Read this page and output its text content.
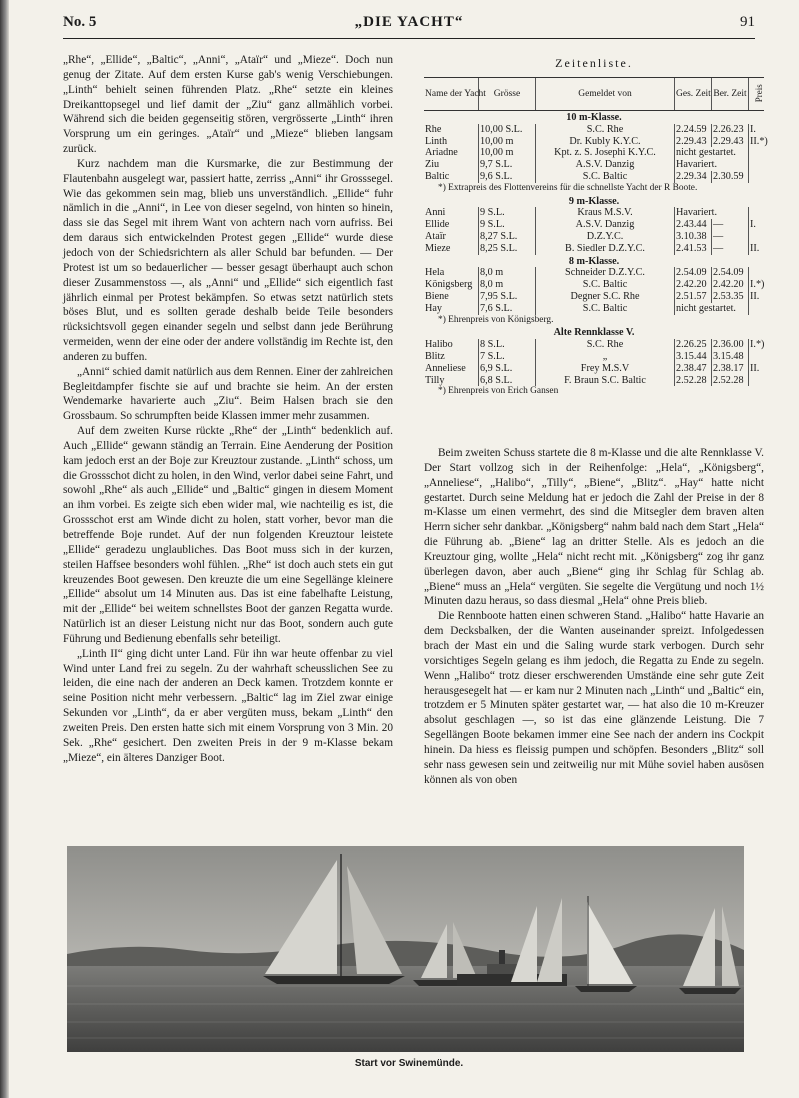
No. 5	„DIE YACHT“	91

„Rhe“, „Ellide“, „Baltic“, „Anni“, „Ataïr“ und „Mieze“. Doch nun genug der Zitate. Auf dem ersten Kurse gab's wenig Verschiebungen. „Linth“ behielt seinen führenden Platz. „Rhe“ setzte ein kleines Dreikanttopsegel und lief damit der „Ziu“ ganz allmählich vorbei. Während sich die beiden gegenseitig stören, vergrösserte „Linth“ ihren Vorsprung um ein geringes. „Ataïr“ und „Mieze“ blieben langsam zurück.

Kurz nachdem man die Kursmarke, die zur Bestimmung der Flautenbahn ausgelegt war, passiert hatte, zerriss „Anni“ ihr Grosssegel. Wie das gekommen sein mag, blieb uns unverständlich. „Ellide“ fuhr nämlich in die „Anni“, in Lee von dieser segelnd, von hinten so hinein, dass sie das Segel mit ihrem Want von achtern nach vorn aufriss. Bei dem daraus sich entwickelnden Protest gegen „Ellide“ wurde diese jedoch von der Schiedsrichtern als aller Schuld bar befunden. — Der Protest ist um so bedauerlicher — besser gesagt überhaupt auch schon dieser Zusammenstoss —, als „Anni“ und „Ellide“ sich eigentlich fast jährlich einmal per Protest bekämpfen. So etwas setzt natürlich stets böses Blut, und es sollten gerade deshalb beide Teile besonders rücksichtsvoll gegen einander segeln und selbst dann jede Berührung vermeiden, wenn der eine oder der andere vollständig im Rechte ist, den anderen zu buffen.

„Anni“ schied damit natürlich aus dem Rennen. Einer der zahlreichen Begleitdampfer fischte sie auf und brachte sie heim. An der ersten Wendemarke havarierte auch „Ziu“. Beim Halsen brach sie den Grossbaum. So schrumpften beide Klassen immer mehr zusammen.

Auf dem zweiten Kurse rückte „Rhe“ der „Linth“ bedenklich auf. Auch „Ellide“ gewann ständig an Terrain. Eine Aenderung der Position kam jedoch erst an der Boje zur Kreuztour zustande. „Linth“ schoss, um die Grossschot dicht zu holen, in den Wind, verlor dabei seine Fahrt, und sowohl „Rhe“ als auch „Ellide“ und „Baltic“ gingen in diesem Moment an ihm vorbei. Es zeigte sich eben wider mal, wie nachteilig es ist, die Grossschot erst am Winde dicht zu holen, statt vorher, bevor man die betreffende Boje rundet. Auf der nun folgenden Kreuztour leistete „Ellide“ geradezu unglaubliches. Das Boot muss sich in der kurzen, steilen Haffsee besonders wohl fühlen. „Rhe“ ist doch auch stets ein gut kreuzendes Boot gewesen. Den kreuzte die um eine Segellänge kleinere „Ellide“ absolut um 14 Minuten aus. Das ist eine fabelhafte Leistung, mit der „Ellide“ bei weitem schnellstes Boot der ganzen Regatta wurde. Natürlich ist an dieser Leistung nicht nur das Boot, sondern auch gute Führung und Bedienung ebenfalls sehr beteiligt.

„Linth II“ ging dicht unter Land. Für ihn war heute offenbar zu viel Wind unter Land frei zu segeln. Zu der wahrhaft scheusslichen See zu leiden, die eine nach der anderen an Deck kamen. Trotzdem konnte er seine Position nicht mehr verbessern. „Baltic“ lag im Ziel zwar einige Sekunden vor „Linth“, da er aber vergüten muss, bekam „Linth“ den zweiten Preis. Den ersten hatte sich mit einem Vorsprung von 3 Min. 20 Sek. „Rhe“ gesichert. Den zweiten Preis in der 9 m-Klasse bekam „Mieze“, ein älteres Danziger Boot.

Zeitenliste.
Name der Yacht	Grösse	Gemeldet von	Ges. Zeit	Ber. Zeit	Preis
10 m-Klasse.					
Rhe	10,00 S.L.	S.C. Rhe	2.24.59	2.26.23	I.
Linth	10,00 m	Dr. Kubly K.Y.C.	2.29.43	2.29.43	II.*)
Ariadne	10,00 m	Kpt. z. S. Josephi K.Y.C.	nicht gestartet.		
Ziu	9,7 S.L.	A.S.V. Danzig	Havariert.		
Baltic	9,6 S.L.	S.C. Baltic	2.29.34	2.30.59	
*) Extrapreis des Flottenvereins für die schnellste Yacht der R Boote.					
9 m-Klasse.					
Anni	9 S.L.	Kraus M.S.V.	Havariert.		
Ellide	9 S.L.	A.S.V. Danzig	2.43.44	—	I.
Ataïr	8,27 S.L.	D.Z.Y.C.	3.10.38	—	
Mieze	8,25 S.L.	B. Siedler D.Z.Y.C.	2.41.53	—	II.
8 m-Klasse.					
Hela	8,0 m	Schneider D.Z.Y.C.	2.54.09	2.54.09	
Königsberg	8,0 m	S.C. Baltic	2.42.20	2.42.20	I.*)
Biene	7,95 S.L.	Degner S.C. Rhe	2.51.57	2.53.35	II.
Hay	7,6 S.L.	S.C. Baltic	nicht gestartet.		
*) Ehrenpreis von Königsberg.					
Alte Rennklasse V.					
Halibo	8 S.L.	S.C. Rhe	2.26.25	2.36.00	I.*)
Blitz	7 S.L.	„	3.15.44	3.15.48	
Anneliese	6,9 S.L.	Frey M.S.V	2.38.47	2.38.17	II.
Tilly	6,8 S.L.	F. Braun S.C. Baltic	2.52.28	2.52.28	
*) Ehrenpreis von Erich Gansen					

Beim zweiten Schuss startete die 8 m-Klasse und die alte Rennklasse V. Der Start vollzog sich in der Reihenfolge: „Hela“, „Königsberg“, „Anneliese“, „Halibo“, „Tilly“, „Biene“, „Blitz“. „Hay“ hatte nicht gestartet. Durch seine Meldung hat er jedoch die Zahl der Preise in der 8 m-Klasse um einen vermehrt, des sind die Mitsegler dem braven alten Herrn sicher sehr dankbar. „Königsberg“ nahm bald nach dem Start „Hela“ die Führung ab. „Biene“ lag an dritter Stelle. Als es jedoch an die Kreuztour ging, wollte „Hela“ nicht recht mit. „Königsberg“ zog ihr ganz überlegen davon, aber auch „Biene“ ging ihr Schlag für Schlag ab. „Biene“ muss an „Hela“ vergüten. Sie segelte die Vergütung und noch 1½ Minuten dazu heraus, so dass diesmal „Hela“ ohne Preis blieb.

Die Rennboote hatten einen schweren Stand. „Halibo“ hatte Havarie an dem Decksbalken, der die Wanten auseinander spreizt. Infolgedessen brach der Mast ein und die Saling wurde stark verbogen. Durch sehr vorsichtiges Segeln gelang es ihm jedoch, die Regatta zu Ende zu segeln. Wenn „Halibo“ trotz dieser erschwerenden Umstände eine sehr gute Zeit herausgesegelt hat — er kam nur 2 Minuten nach „Linth“ und „Baltic“ ein, trotzdem er 5 Minuten später gestartet war, — hat also die 10 m-Kreuzer absolut geschlagen —, so ist das eine glänzende Leistung. Die 7 Segellängen Boote bekamen immer eine See nach der andern ins Cockpit hinein. Da hiess es fleissig pumpen und schöpfen. Besonders „Blitz“ soll sehr nass gewesen sein und zeitweilig nur mit Mühe soviel haben ausösen können als von oben

Start vor Swinemünde.
